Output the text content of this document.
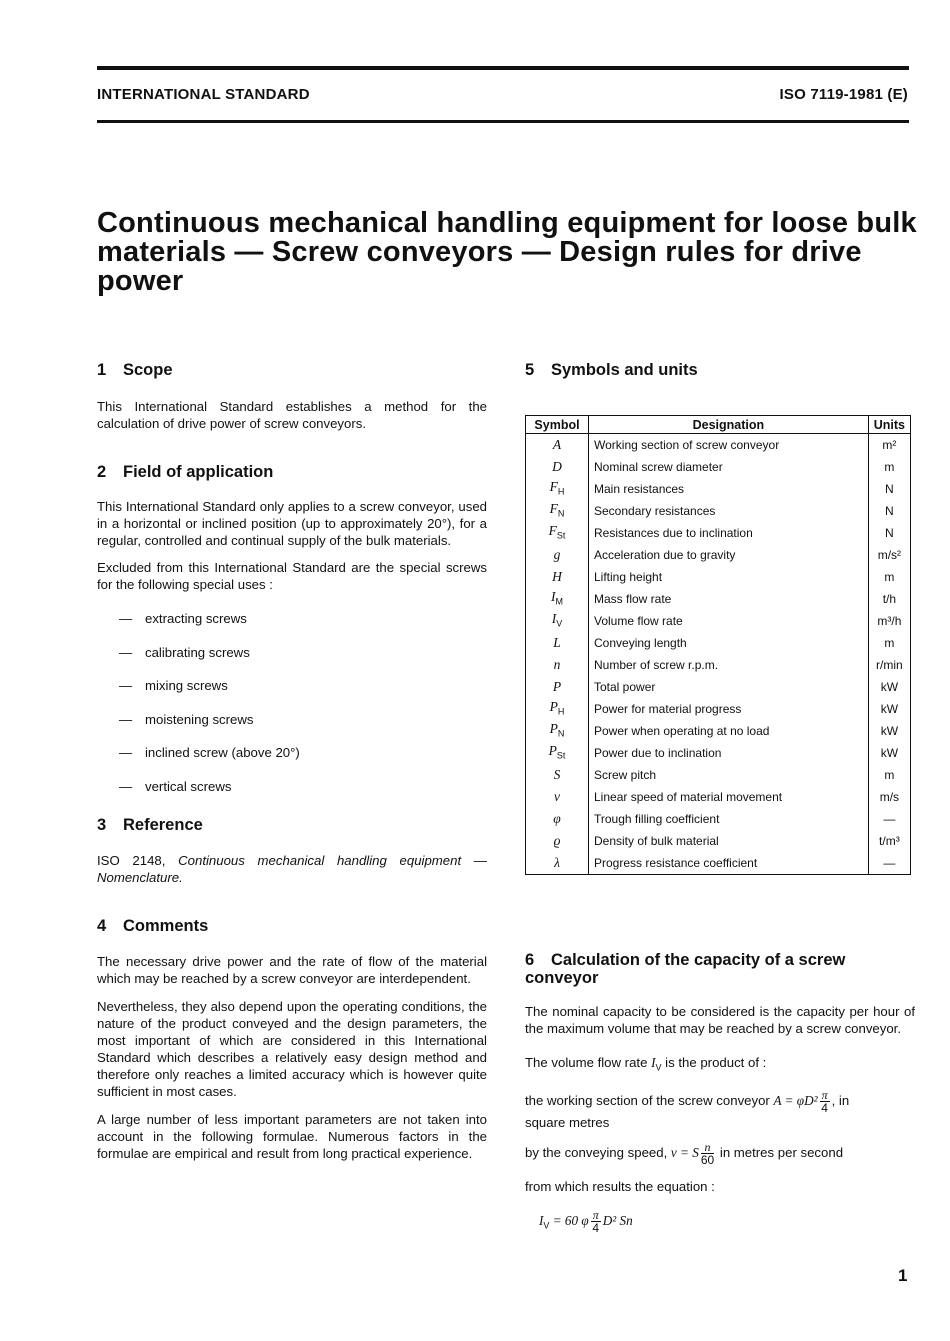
INTERNATIONAL STANDARD	ISO 7119-1981 (E)
Continuous mechanical handling equipment for loose bulk
materials — Screw conveyors — Design rules for drive
power
1 Scope

This International Standard establishes a method for the calculation of drive power of screw conveyors.

2 Field of application

This International Standard only applies to a screw conveyor, used in a horizontal or inclined position (up to approximately 20°), for a regular, controlled and continual supply of the bulk materials.

Excluded from this International Standard are the special screws for the following special uses :

— extracting screws
— calibrating screws
— mixing screws
— moistening screws
— inclined screw (above 20°)
— vertical screws
3 Reference

ISO 2148, Continuous mechanical handling equipment — Nomenclature.

4 Comments

The necessary drive power and the rate of flow of the material which may be reached by a screw conveyor are interdependent.

Nevertheless, they also depend upon the operating conditions, the nature of the product conveyed and the design parameters, the most important of which are considered in this International Standard which describes a relatively easy design method and therefore only reaches a limited accuracy which is however quite sufficient in most cases.

A large number of less important parameters are not taken into account in the following formulae. Numerous factors in the formulae are empirical and result from long practical experience.

5 Symbols and units
Symbol	Designation	Units
A	Working section of screw conveyor	m²
D	Nominal screw diameter	m
$F_H$	Main resistances	N
$F_N$	Secondary resistances	N
$F_{St}$	Resistances due to inclination	N
g	Acceleration due to gravity	m/s²
H	Lifting height	m
$I_M$	Mass flow rate	t/h
$I_V$	Volume flow rate	m³/h
L	Conveying length	m
n	Number of screw r.p.m.	r/min
P	Total power	kW
$P_H$	Power for material progress	kW
$P_N$	Power when operating at no load	kW
$P_{St}$	Power due to inclination	kW
S	Screw pitch	m
v	Linear speed of material movement	m/s
φ	Trough filling coefficient	—
ϱ	Density of bulk material	t/m³
λ	Progress resistance coefficient	—
6 Calculation of the capacity of a screw
conveyor

The nominal capacity to be considered is the capacity per hour of the maximum volume that may be reached by a screw conveyor.

The volume flow rate $I_V$ is the product of :

the working section of the screw conveyor $A = \varphi D^2 \frac{\pi}{4}$ , in
square metres

by the conveying speed, v = S $\frac{n}{60}$ in metres per second

from which results the equation :

$I_V = 60$ φ $\frac{\pi}{4} D^2$ Sn

1
